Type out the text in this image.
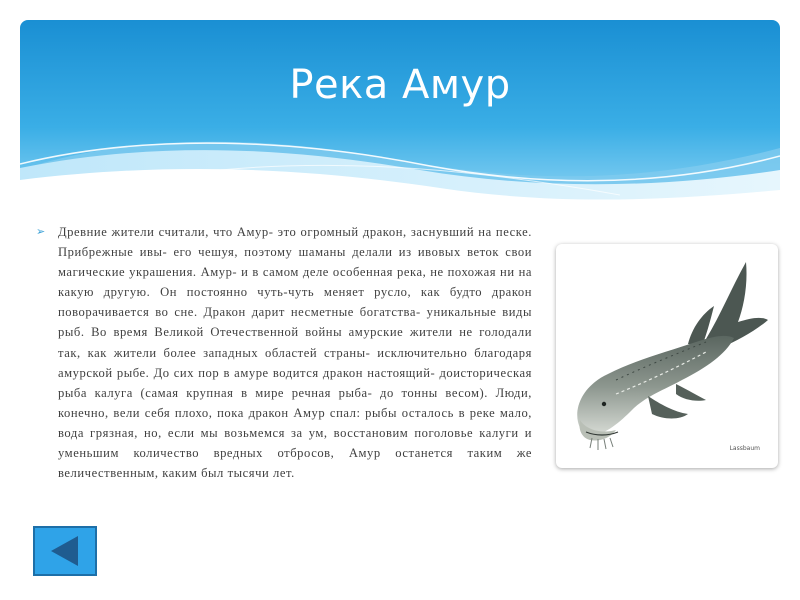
Река Амур
➢ Древние жители считали, что Амур- это огромный дракон, заснувший на песке. Прибрежные ивы- его чешуя, поэтому шаманы делали из ивовых веток свои магические украшения. Амур- и в самом деле особенная река, не похожая ни на какую другую. Он постоянно чуть-чуть меняет русло, как будто дракон поворачивается во сне. Дракон дарит несметные богатства- уникальные виды рыб. Во время Великой Отечественной войны амурские жители не голодали так, как жители более западных областей страны- исключительно благодаря амурской рыбе. До сих пор в амуре водится дракон настоящий- доисторическая рыба калуга (самая крупная в мире речная рыба- до тонны весом). Люди, конечно, вели себя плохо, пока дракон Амур спал: рыбы осталось в реке мало, вода грязная, но, если мы возьмемся за ум, восстановим поголовье калуги и уменьшим количество вредных отбросов, Амур останется таким же величественным, каким был тысячи лет.
Lassbaum
